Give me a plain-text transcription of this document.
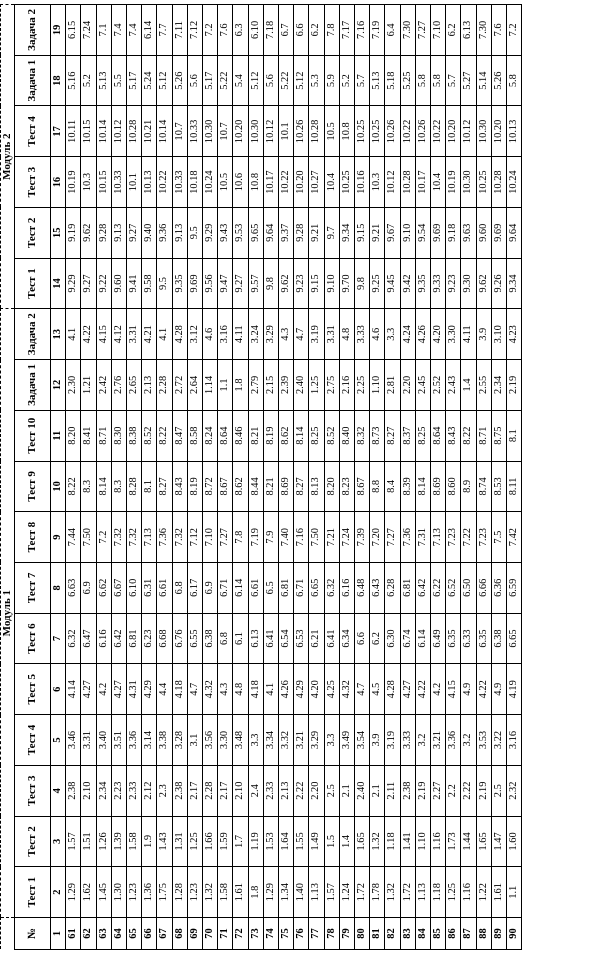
	Модуль 1												Модуль 2					
№	Тест 1	Тест 2	Тест 3	Тест 4	Тест 5	Тест 6	Тест 7	Тест 8	Тест 9	Тест 10	Задача 1	Задача 2	Тест 1	Тест 2	Тест 3	Тест 4	Задача 1	Задача 2
1	2	3	4	5	6	7	8	9	10	11	12	13	14	15	16	17	18	19
61	1.29	1.57	2.38	3.46	4.14	6.32	6.63	7.44	8.22	8.20	2.30	4.1	9.29	9.19	10.19	10.11	5.16	6.15
62	1.62	1.51	2.10	3.31	4.27	6.47	6.9	7.50	8.3	8.41	1.21	4.22	9.27	9.62	10.3	10.15	5.2	7.24
63	1.45	1.26	2.34	3.40	4.2	6.16	6.62	7.2	8.14	8.71	2.42	4.15	9.22	9.28	10.15	10.14	5.13	7.1
64	1.30	1.39	2.23	3.51	4.27	6.42	6.67	7.32	8.3	8.30	2.76	4.12	9.60	9.13	10.33	10.12	5.5	7.4
65	1.23	1.58	2.33	3.36	4.31	6.81	6.10	7.32	8.28	8.38	2.65	3.31	9.41	9.27	10.1	10.28	5.17	7.4
66	1.36	1.9	2.12	3.14	4.29	6.23	6.31	7.13	8.1	8.52	2.13	4.21	9.58	9.40	10.13	10.21	5.24	6.14
67	1.75	1.43	2.3	3.38	4.4	6.68	6.61	7.36	8.27	8.22	2.28	4.1	9.5	9.36	10.22	10.14	5.12	7.7
68	1.28	1.31	2.38	3.28	4.18	6.76	6.8	7.32	8.43	8.47	2.72	4.28	9.35	9.13	10.33	10.7	5.26	7.11
69	1.23	1.25	2.17	3.1	4.7	6.55	6.17	7.12	8.19	8.58	2.64	3.12	9.69	9.5	10.18	10.33	5.6	7.12
70	1.32	1.66	2.28	3.56	4.32	6.38	6.9	7.10	8.72	8.24	1.14	4.6	9.56	9.29	10.24	10.30	5.17	7.2
71	1.58	1.59	2.17	3.30	4.3	6.8	6.71	7.27	8.67	8.64	1.1	3.16	9.47	9.43	10.5	10.7	5.22	7.6
72	1.61	1.7	2.10	3.48	4.8	6.1	6.14	7.8	8.62	8.46	1.8	4.11	9.27	9.53	10.6	10.20	5.4	6.3
73	1.8	1.19	2.4	3.3	4.18	6.13	6.61	7.19	8.44	8.21	2.79	3.24	9.57	9.65	10.8	10.30	5.12	6.10
74	1.29	1.53	2.33	3.34	4.1	6.41	6.5	7.9	8.21	8.19	2.15	3.29	9.8	9.64	10.17	10.12	5.6	7.18
75	1.34	1.64	2.13	3.32	4.26	6.54	6.81	7.40	8.69	8.62	2.39	4.3	9.62	9.37	10.22	10.1	5.22	6.7
76	1.40	1.55	2.22	3.21	4.29	6.53	6.71	7.16	8.27	8.14	2.40	4.7	9.23	9.28	10.20	10.26	5.12	6.6
77	1.13	1.49	2.20	3.29	4.20	6.21	6.65	7.50	8.13	8.25	1.25	3.19	9.15	9.21	10.27	10.28	5.3	6.2
78	1.57	1.5	2.5	3.3	4.25	6.41	6.32	7.21	8.20	8.52	2.75	3.31	9.10	9.7	10.4	10.5	5.9	7.8
79	1.24	1.4	2.1	3.49	4.32	6.34	6.16	7.24	8.23	8.40	2.16	4.8	9.70	9.34	10.25	10.8	5.2	7.17
80	1.72	1.65	2.40	3.54	4.7	6.6	6.48	7.39	8.67	8.32	2.25	3.33	9.8	9.15	10.16	10.25	5.7	7.16
81	1.78	1.32	2.1	3.9	4.5	6.2	6.43	7.20	8.8	8.73	1.10	4.6	9.25	9.21	10.3	10.25	5.13	7.19
82	1.32	1.18	2.11	3.19	4.28	6.30	6.28	7.27	8.4	8.27	2.81	3.3	9.45	9.67	10.12	10.26	5.18	6.4
83	1.72	1.41	2.38	3.33	4.27	6.74	6.81	7.36	8.39	8.37	2.20	4.24	9.42	9.10	10.28	10.22	5.25	7.30
84	1.13	1.10	2.19	3.2	4.22	6.14	6.42	7.31	8.14	8.25	2.45	4.26	9.35	9.54	10.17	10.26	5.8	7.27
85	1.18	1.16	2.27	3.21	4.2	6.49	6.22	7.13	8.69	8.64	2.52	4.20	9.33	9.69	10.4	10.22	5.8	7.10
86	1.25	1.73	2.2	3.36	4.15	6.35	6.52	7.23	8.60	8.43	2.43	3.30	9.23	9.18	10.19	10.20	5.7	6.2
87	1.16	1.44	2.22	3.2	4.9	6.33	6.50	7.22	8.9	8.22	1.4	4.11	9.30	9.63	10.30	10.12	5.27	6.13
88	1.22	1.65	2.19	3.53	4.22	6.35	6.66	7.23	8.74	8.71	2.55	3.9	9.62	9.60	10.25	10.30	5.14	7.30
89	1.61	1.47	2.5	3.22	4.9	6.38	6.36	7.5	8.53	8.75	2.34	3.10	9.26	9.69	10.28	10.20	5.26	7.6
90	1.1	1.60	2.32	3.16	4.19	6.65	6.59	7.42	8.11	8.1	2.19	4.23	9.34	9.64	10.24	10.13	5.8	7.2
